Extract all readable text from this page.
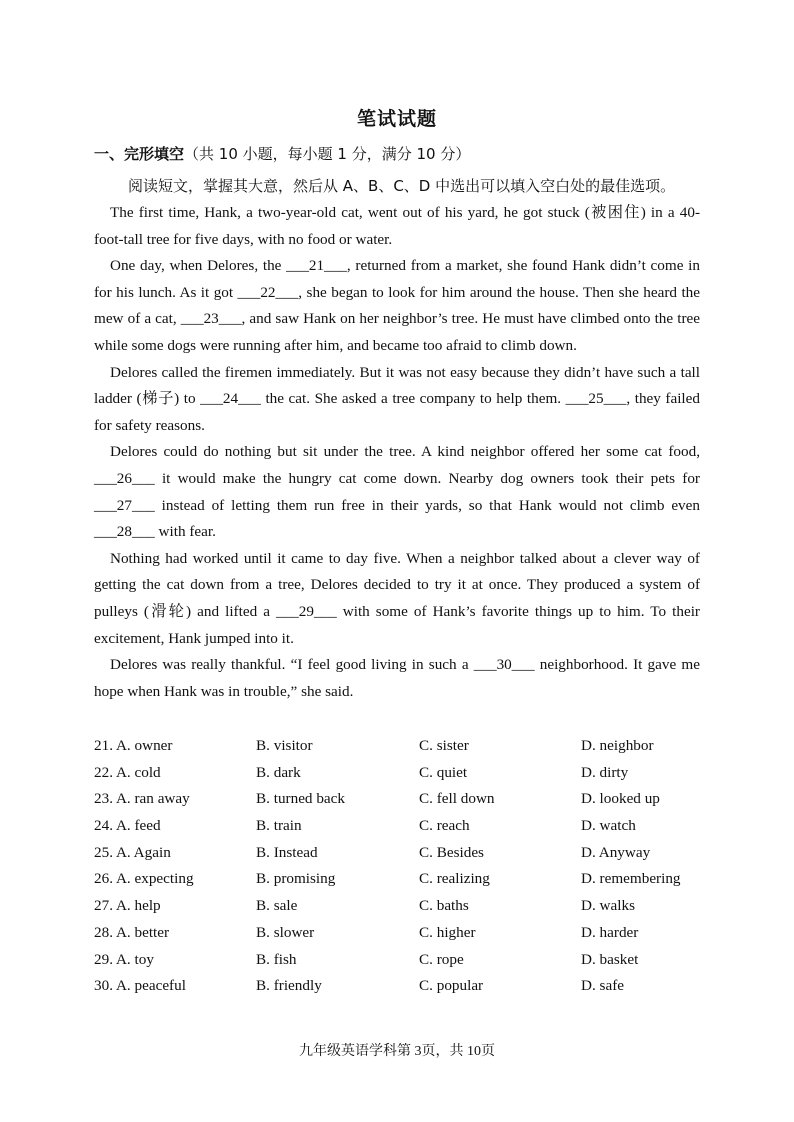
笔试试题
一、完形填空（共 10 小题，每小题 1 分，满分 10 分）
阅读短文，掌握其大意，然后从 A、B、C、D 中选出可以填入空白处的最佳选项。

The first time, Hank, a two-year-old cat, went out of his yard, he got stuck (被困住) in a 40-foot-tall tree for five days, with no food or water.

One day, when Delores, the ___21___, returned from a market, she found Hank didn’t come in for his lunch. As it got ___22___, she began to look for him around the house. Then she heard the mew of a cat, ___23___, and saw Hank on her neighbor’s tree. He must have climbed onto the tree while some dogs were running after him, and became too afraid to climb down.

Delores called the firemen immediately. But it was not easy because they didn’t have such a tall ladder (梯子) to ___24___ the cat. She asked a tree company to help them. ___25___, they failed for safety reasons.

Delores could do nothing but sit under the tree. A kind neighbor offered her some cat food, ___26___ it would make the hungry cat come down. Nearby dog owners took their pets for ___27___ instead of letting them run free in their yards, so that Hank would not climb even ___28___ with fear.

Nothing had worked until it came to day five. When a neighbor talked about a clever way of getting the cat down from a tree, Delores decided to try it at once. They produced a system of pulleys (滑轮) and lifted a ___29___ with some of Hank’s favorite things up to him. To their excitement, Hank jumped into it.

Delores was really thankful. “I feel good living in such a ___30___ neighborhood. It gave me hope when Hank was in trouble,” she said.

21. A. owner	B. visitor	C. sister	D. neighbor
22. A. cold	B. dark	C. quiet	D. dirty
23. A. ran away	B. turned back	C. fell down	D. looked up
24. A. feed	B. train	C. reach	D. watch
25. A. Again	B. Instead	C. Besides	D. Anyway
26. A. expecting	B. promising	C. realizing	D. remembering
27. A. help	B. sale	C. baths	D. walks
28. A. better	B. slower	C. higher	D. harder
29. A. toy	B. fish	C. rope	D. basket
30. A. peaceful	B. friendly	C. popular	D. safe
九年级英语学科第 3页，共 10页
